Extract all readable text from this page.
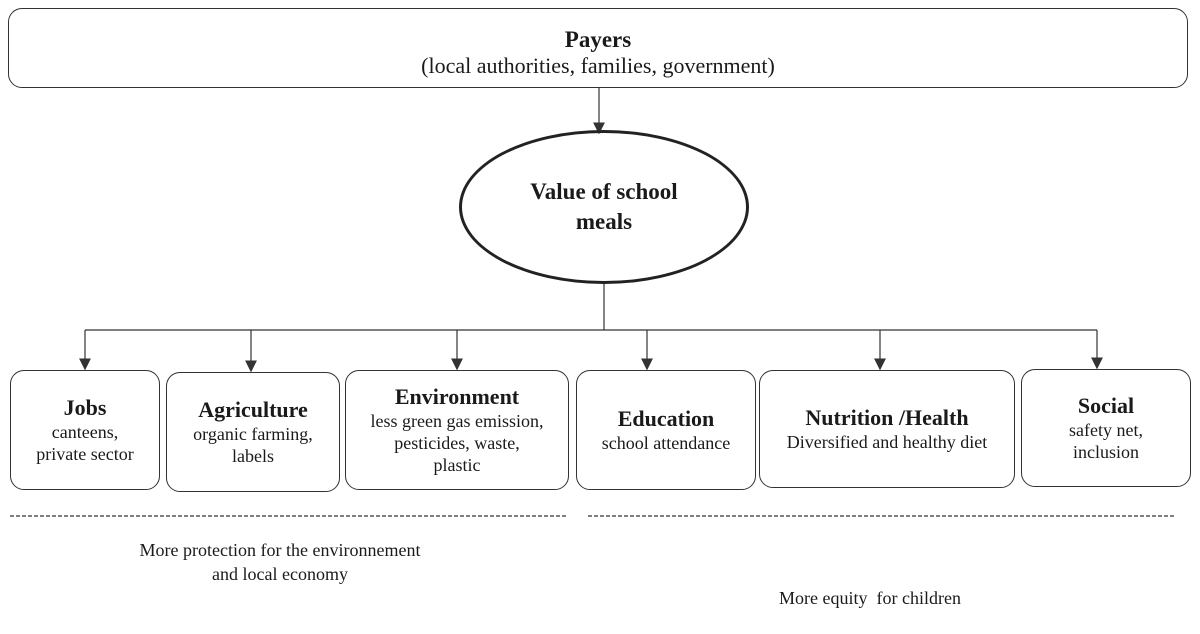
Payers
(local authorities, families, government)
Value of school
meals
Jobs
canteens,
private sector
Agriculture
organic farming,
labels
Environment
less green gas emission,
pesticides, waste,
plastic
Education
school attendance
Nutrition /Health
Diversified and healthy diet
Social
safety net,
inclusion
More protection for the environnement
and local economy

More equity  for children
